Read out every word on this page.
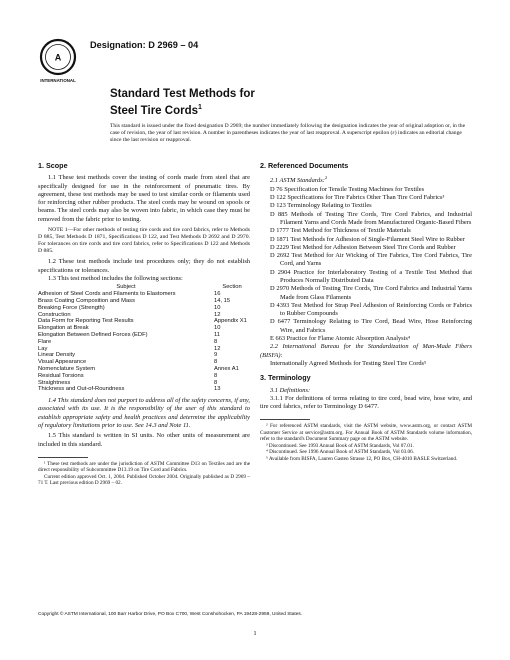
A
INTERNATIONAL
Designation: D 2969 – 04
Standard Test Methods for
Steel Tire Cords$^1$
This standard is issued under the fixed designation D 2969; the number immediately following the designation indicates the year of original adoption or, in the case of revision, the year of last revision. A number in parentheses indicates the year of last reapproval. A superscript epsilon (ε) indicates an editorial change since the last revision or reapproval.
1. Scope

1.1 These test methods cover the testing of cords made from steel that are specifically designed for use in the reinforcement of pneumatic tires. By agreement, these test methods may be used to test similar cords or filaments used for reinforcing other rubber products. The steel cords may be wound on spools or beams. The steel cords may also be woven into fabric, in which case they must be removed from the fabric prior to testing.

NOTE 1—For other methods of testing tire cords and tire cord fabrics, refer to Methods D 885, Test Methods D 1871, Specifications D 122, and Test Methods D 2692 and D 2970. For tolerances on tire cords and tire cord fabrics, refer to Specifications D 122 and Methods D 885.

1.2 These test methods include test procedures only; they do not establish specifications or tolerances.

1.3 This test method includes the following sections:

Subject	Section
Adhesion of Steel Cords and Filaments to Elastomers	16
Brass Coating Composition and Mass	14, 15
Breaking Force (Strength)	10
Construction	12
Data Form for Reporting Test Results	Appendix X1
Elongation at Break	10
Elongation Between Defined Forces (EDF)	11
Flare	8
Lay	12
Linear Density	9
Visual Appearance	8
Nomenclature System	Annex A1
Residual Torsions	8
Straightness	8
Thickness and Out-of-Roundness	13

1.4 This standard does not purport to address all of the safety concerns, if any, associated with its use. It is the responsibility of the user of this standard to establish appropriate safety and health practices and determine the applicability of regulatory limitations prior to use. See 14.3 and Note 11.

1.5 This standard is written in SI units. No other units of measurement are included in this standard.

¹ These test methods are under the jurisdiction of ASTM Committee D13 on Textiles and are the direct responsibility of Subcommittee D13.19 on Tire Cord and Fabrics.
Current edition approved Oct. 1, 2004. Published October 2004. Originally published as D 2969 – 71 T. Last previous edition D 2969 – 02.
2. Referenced Documents

2.1 ASTM Standards:$^2$

D 76 Specification for Tensile Testing Machines for Textiles
D 122 Specifications for Tire Fabrics Other Than Tire Cord Fabrics³
D 123 Terminology Relating to Textiles
D 885 Methods of Testing Tire Cords, Tire Cord Fabrics, and Industrial Filament Yarns and Cords Made from Manufactured Organic-Based Fibers
D 1777 Test Method for Thickness of Textile Materials
D 1871 Test Methods for Adhesion of Single-Filament Steel Wire to Rubber
D 2229 Test Method for Adhesion Between Steel Tire Cords and Rubber
D 2692 Test Method for Air Wicking of Tire Fabrics, Tire Cord Fabrics, Tire Cord, and Yarns
D 2904 Practice for Interlaboratory Testing of a Textile Test Method that Produces Normally Distributed Data
D 2970 Methods of Testing Tire Cords, Tire Cord Fabrics and Industrial Yarns Made from Glass Filaments
D 4393 Test Method for Strap Peel Adhesion of Reinforcing Cords or Fabrics to Rubber Compounds
D 6477 Terminology Relating to Tire Cord, Bead Wire, Hose Reinforcing Wire, and Fabrics
E 663 Practice for Flame Atomic Absorption Analysis⁴

2.2 International Bureau for the Standardization of Man-Made Fibers (BISFA):

Internationally Agreed Methods for Testing Steel Tire Cords⁵
3. Terminology

3.1 Definitions:

3.1.1 For definitions of terms relating to tire cord, bead wire, hose wire, and tire cord fabrics, refer to Terminology D 6477.

² For referenced ASTM standards, visit the ASTM website, www.astm.org, or contact ASTM Customer Service at service@astm.org. For Annual Book of ASTM Standards volume information, refer to the standard's Document Summary page on the ASTM website.
³ Discontinued. See 1993 Annual Book of ASTM Standards, Vol 07.01.
⁴ Discontinued. See 1996 Annual Book of ASTM Standards, Vol 03.06.
⁵ Available from BISFA, Lauren Gasten Strasse 12, PO Box, CH-4010 BASLE Switzerland.
Copyright © ASTM International, 100 Barr Harbor Drive, PO Box C700, West Conshohocken, PA 19428-2959, United States.
1
